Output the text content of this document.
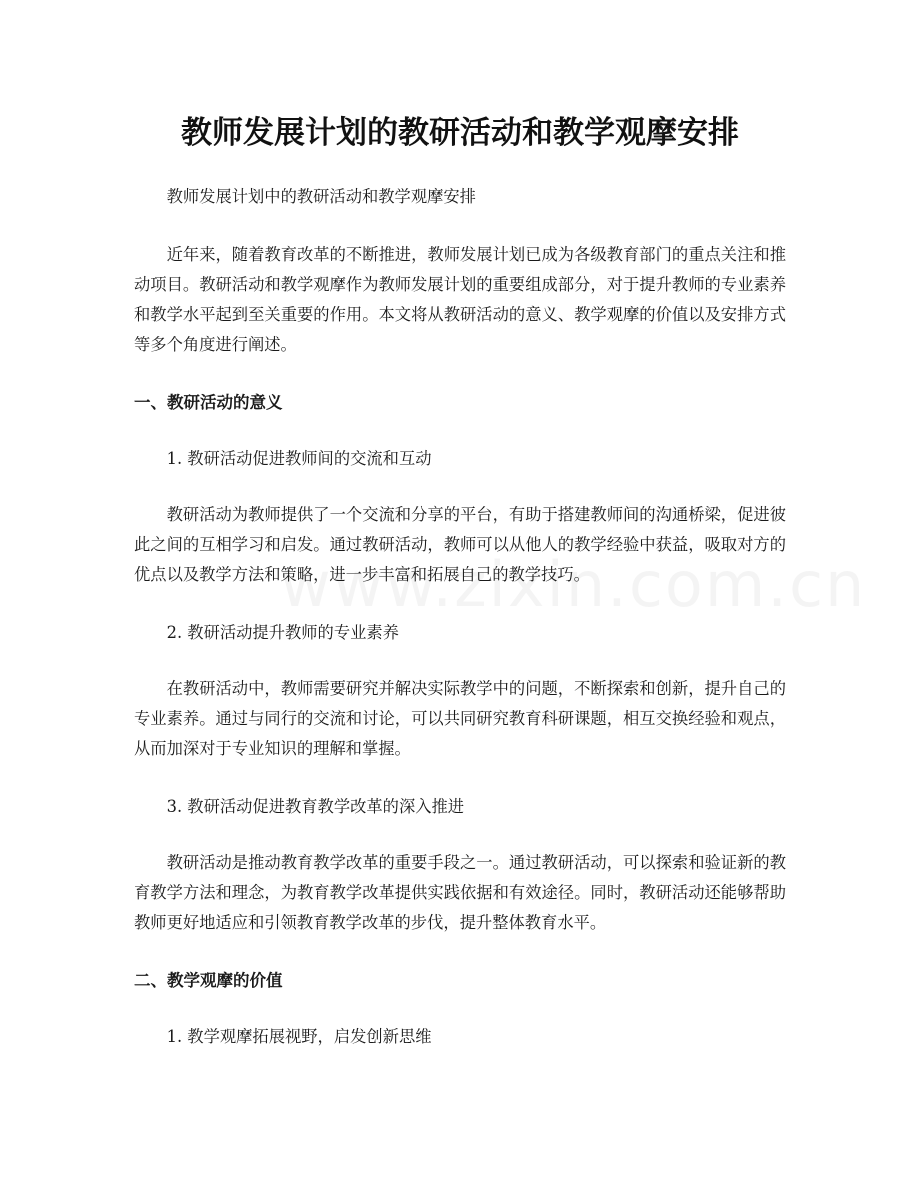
教师发展计划的教研活动和教学观摩安排

教师发展计划中的教研活动和教学观摩安排

近年来，随着教育改革的不断推进，教师发展计划已成为各级教育部门的重点关注和推动项目。教研活动和教学观摩作为教师发展计划的重要组成部分，对于提升教师的专业素养和教学水平起到至关重要的作用。本文将从教研活动的意义、教学观摩的价值以及安排方式等多个角度进行阐述。

一、教研活动的意义

1. 教研活动促进教师间的交流和互动

教研活动为教师提供了一个交流和分享的平台，有助于搭建教师间的沟通桥梁，促进彼此之间的互相学习和启发。通过教研活动，教师可以从他人的教学经验中获益，吸取对方的优点以及教学方法和策略，进一步丰富和拓展自己的教学技巧。

2. 教研活动提升教师的专业素养

在教研活动中，教师需要研究并解决实际教学中的问题，不断探索和创新，提升自己的专业素养。通过与同行的交流和讨论，可以共同研究教育科研课题，相互交换经验和观点，从而加深对于专业知识的理解和掌握。

3. 教研活动促进教育教学改革的深入推进

教研活动是推动教育教学改革的重要手段之一。通过教研活动，可以探索和验证新的教育教学方法和理念，为教育教学改革提供实践依据和有效途径。同时，教研活动还能够帮助教师更好地适应和引领教育教学改革的步伐，提升整体教育水平。

二、教学观摩的价值

1. 教学观摩拓展视野，启发创新思维
